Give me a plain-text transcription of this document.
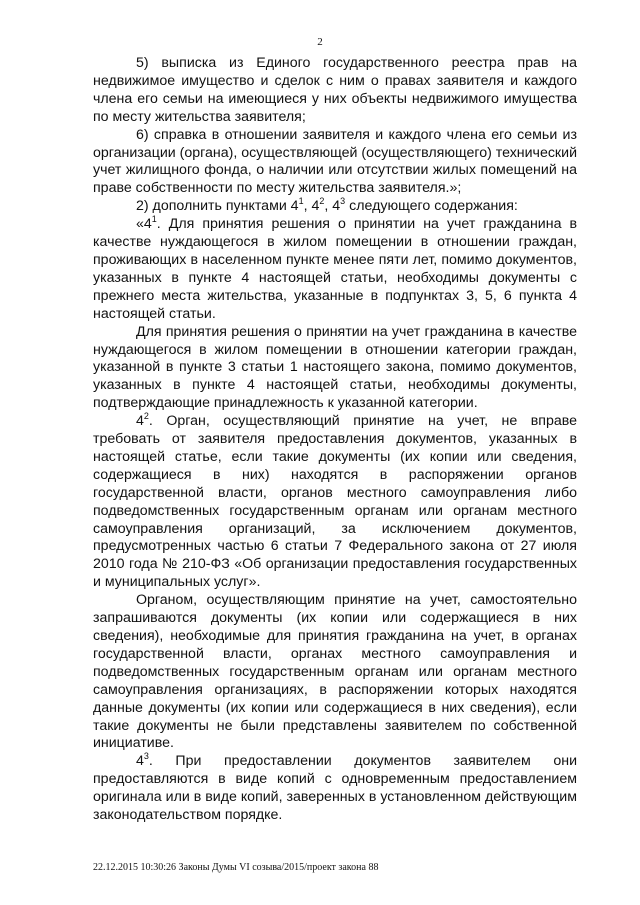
2

5) выписка из Единого государственного реестра прав на недвижимое имущество и сделок с ним о правах заявителя и каждого члена его семьи на имеющиеся у них объекты недвижимого имущества по месту жительства заявителя;

6) справка в отношении заявителя и каждого члена его семьи из организации (органа), осуществляющей (осуществляющего) технический учет жилищного фонда, о наличии или отсутствии жилых помещений на праве собственности по месту жительства заявителя.»;

2) дополнить пунктами $4^1$, $4^2$, $4^3$ следующего содержания:

«$4^1$. Для принятия решения о принятии на учет гражданина в качестве нуждающегося в жилом помещении в отношении граждан, проживающих в населенном пункте менее пяти лет, помимо документов, указанных в пункте 4 настоящей статьи, необходимы документы с прежнего места жительства, указанные в подпунктах 3, 5, 6 пункта 4 настоящей статьи.

Для принятия решения о принятии на учет гражданина в качестве нуждающегося в жилом помещении в отношении категории граждан, указанной в пункте 3 статьи 1 настоящего закона, помимо документов, указанных в пункте 4 настоящей статьи, необходимы документы, подтверждающие принадлежность к указанной категории.

$4^2$. Орган, осуществляющий принятие на учет, не вправе требовать от заявителя предоставления документов, указанных в настоящей статье, если такие документы (их копии или сведения, содержащиеся в них) находятся в распоряжении органов государственной власти, органов местного самоуправления либо подведомственных государственным органам или органам местного самоуправления организаций, за исключением документов, предусмотренных частью 6 статьи 7 Федерального закона от 27 июля 2010 года № 210-ФЗ «Об организации предоставления государственных и муниципальных услуг».

Органом, осуществляющим принятие на учет, самостоятельно запрашиваются документы (их копии или содержащиеся в них сведения), необходимые для принятия гражданина на учет, в органах государственной власти, органах местного самоуправления и подведомственных государственным органам или органам местного самоуправления организациях, в распоряжении которых находятся данные документы (их копии или содержащиеся в них сведения), если такие документы не были представлены заявителем по собственной инициативе.

$4^3$. При предоставлении документов заявителем они предоставляются в виде копий с одновременным предоставлением оригинала или в виде копий, заверенных в установленном действующим законодательством порядке.

22.12.2015 10:30:26 Законы Думы VI созыва/2015/проект закона 88
